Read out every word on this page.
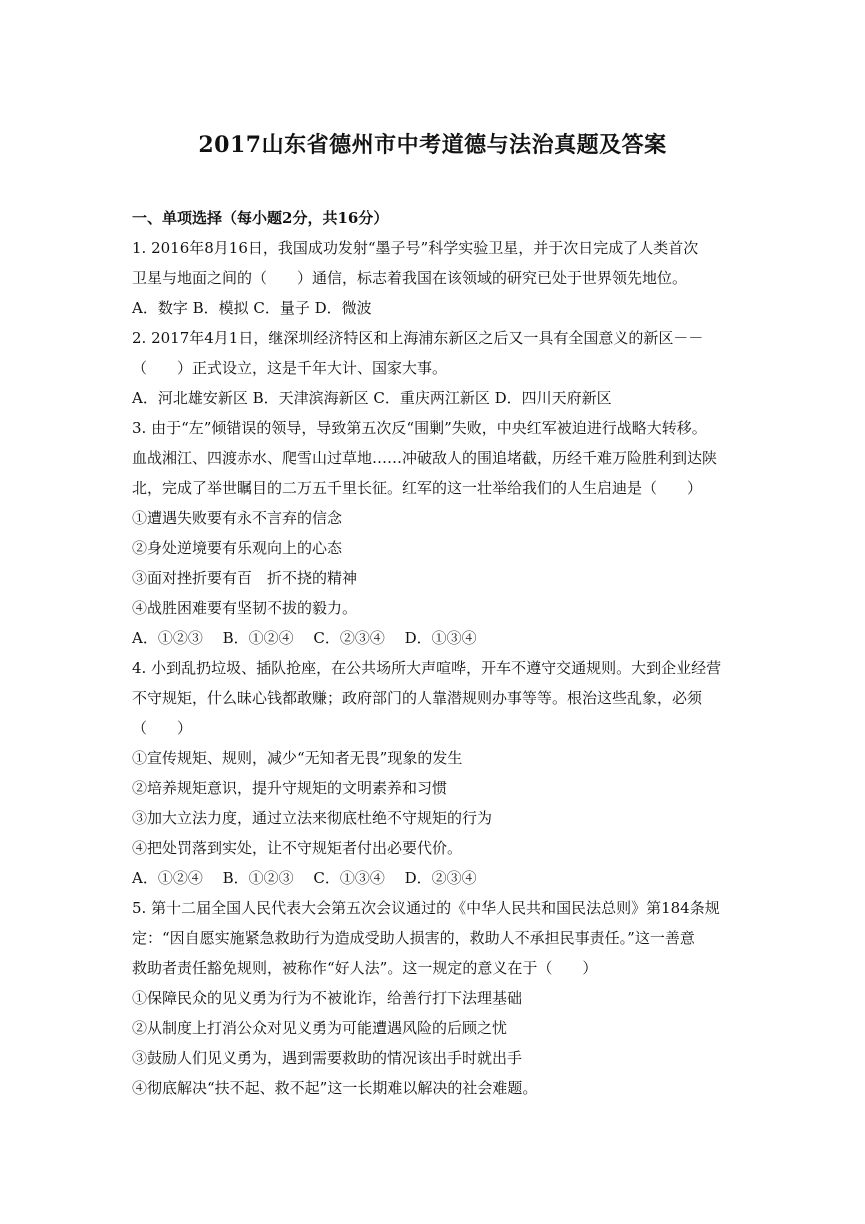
2017山东省德州市中考道德与法治真题及答案
一、单项选择（每小题2分，共16分）
1. 2016年8月16日，我国成功发射“墨子号”科学实验卫星，并于次日完成了人类首次
卫星与地面之间的（　　）通信，标志着我国在该领域的研究已处于世界领先地位。
A．数字 B．模拟 C．量子 D．微波
2. 2017年4月1日，继深圳经济特区和上海浦东新区之后又一具有全国意义的新区－－
（　　）正式设立，这是千年大计、国家大事。
A．河北雄安新区 B．天津滨海新区 C．重庆两江新区 D．四川天府新区
3. 由于“左”倾错误的领导，导致第五次反“围剿”失败，中央红军被迫进行战略大转移。
血战湘江、四渡赤水、爬雪山过草地……冲破敌人的围追堵截，历经千难万险胜利到达陕
北，完成了举世瞩目的二万五千里长征。红军的这一壮举给我们的人生启迪是（　　）
①遭遇失败要有永不言弃的信念
②身处逆境要有乐观向上的心态
③面对挫折要有百　折不挠的精神
④战胜困难要有坚韧不拔的毅力。
A．①②③　 B．①②④　 C．②③④　 D．①③④
4. 小到乱扔垃圾、插队抢座，在公共场所大声喧哗，开车不遵守交通规则。大到企业经营
不守规矩，什么昧心钱都敢赚；政府部门的人靠潜规则办事等等。根治这些乱象，必须
（　　）
①宣传规矩、规则，减少“无知者无畏”现象的发生
②培养规矩意识，提升守规矩的文明素养和习惯
③加大立法力度，通过立法来彻底杜绝不守规矩的行为
④把处罚落到实处，让不守规矩者付出必要代价。
A．①②④　 B．①②③　 C．①③④　 D．②③④
5. 第十二届全国人民代表大会第五次会议通过的《中华人民共和国民法总则》第184条规
定：“因自愿实施紧急救助行为造成受助人损害的，救助人不承担民事责任。”这一善意
救助者责任豁免规则，被称作“好人法”。这一规定的意义在于（　　）
①保障民众的见义勇为行为不被讹诈，给善行打下法理基础
②从制度上打消公众对见义勇为可能遭遇风险的后顾之忧
③鼓励人们见义勇为，遇到需要救助的情况该出手时就出手
④彻底解决“扶不起、救不起”这一长期难以解决的社会难题。
